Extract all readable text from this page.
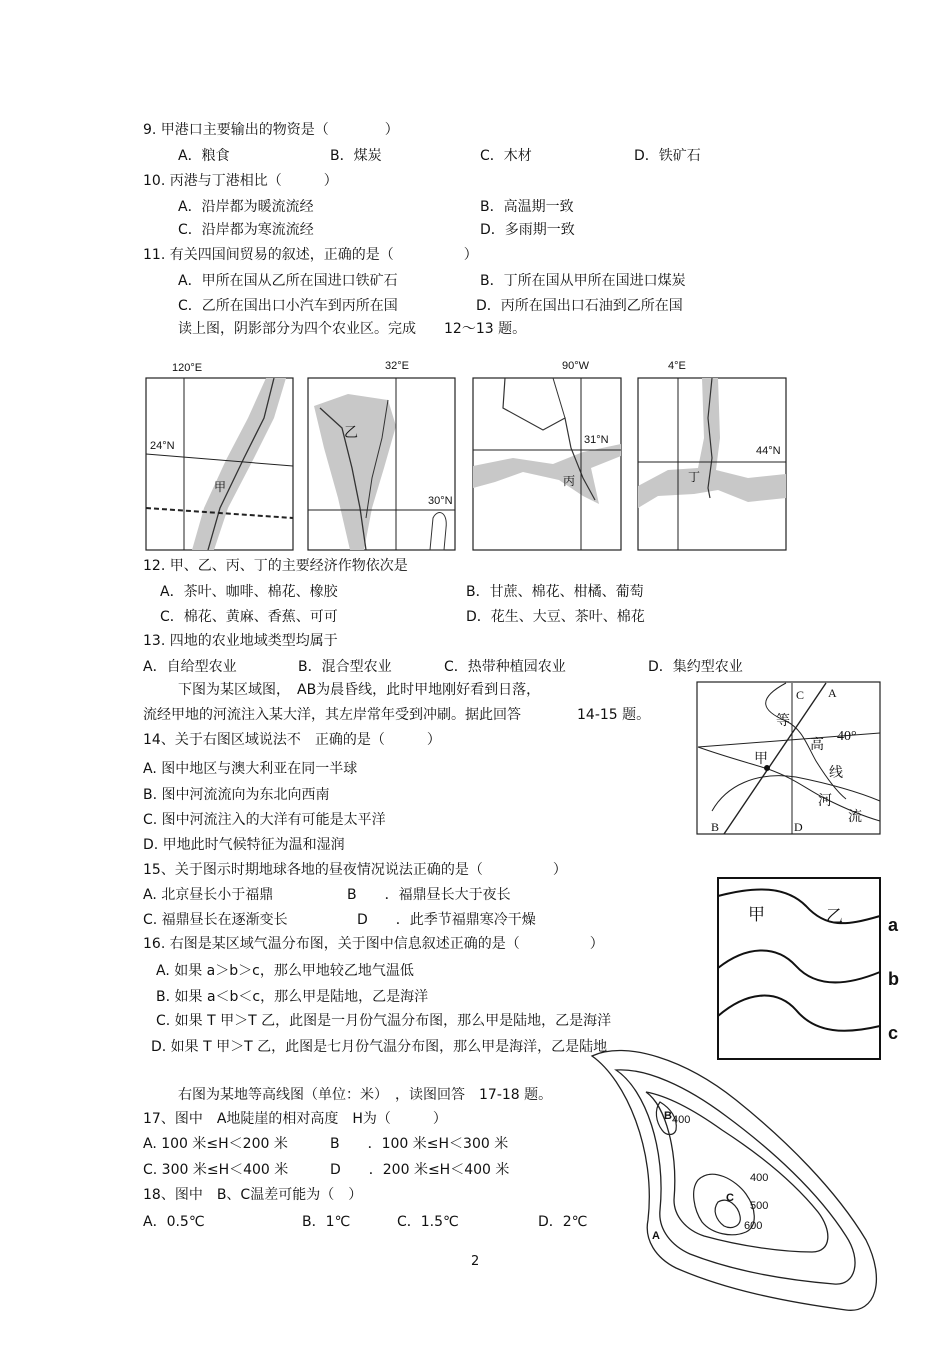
9. 甲港口主要输出的物资是（　　　　）
A．粮食	B．煤炭	C．木材	D．铁矿石
10. 丙港与丁港相比（　　　）
A．沿岸都为暖流流经	B．高温期一致
C．沿岸都为寒流流经	D．多雨期一致
11. 有关四国间贸易的叙述，正确的是（　　　　　）
A．甲所在国从乙所在国进口铁矿石	B．丁所在国从甲所在国进口煤炭
C．乙所在国出口小汽车到丙所在国	D．丙所在国出口石油到乙所在国
读上图，阴影部分为四个农业区。完成　　12～13 题。
120°E	32°E	90°W	4°E
24°N
甲
乙
30°N
31°N
丙
44°N
丁
12. 甲、乙、丙、丁的主要经济作物依次是
A．茶叶、咖啡、棉花、橡胶	B．甘蔗、棉花、柑橘、葡萄
C．棉花、黄麻、香蕉、可可	D．花生、大豆、茶叶、棉花
13. 四地的农业地域类型均属于
A．自给型农业	B．混合型农业	C．热带种植园农业	D．集约型农业
下图为某区域图，　AB为晨昏线，此时甲地刚好看到日落，
流经甲地的河流注入某大洋，其左岸常年受到冲刷。据此回答　　　　14-15 题。
14、关于右图区域说法不　正确的是（　　　）
A. 图中地区与澳大利亚在同一半球
B. 图中河流流向为东北向西南
C. 图中河流注入的大洋有可能是太平洋
D. 甲地此时气候特征为温和湿润
C A
等
40°
高
甲
线
河
流
B	D
15、关于图示时期地球各地的昼夜情况说法正确的是（　　　　　）
A. 北京昼长小于福鼎	B　　．福鼎昼长大于夜长
C. 福鼎昼长在逐渐变长	D　　．此季节福鼎寒冷干燥
16. 右图是某区域气温分布图，关于图中信息叙述正确的是（　　　　　）
A. 如果 a＞b＞c，那么甲地较乙地气温低
B. 如果 a＜b＜c，那么甲是陆地，乙是海洋
C. 如果 T 甲＞T 乙，此图是一月份气温分布图，那么甲是陆地，乙是海洋
D. 如果 T 甲＞T 乙，此图是七月份气温分布图，那么甲是海洋，乙是陆地
甲	乙	a
b
c
右图为某地等高线图（单位：米）　，读图回答　17-18 题。
17、图中　A地陡崖的相对高度　H为（　　　）
A. 100 米≤H＜200 米	B　　．100 米≤H＜300 米
C. 300 米≤H＜400 米	D　　．200 米≤H＜400 米
18、图中　B、C温差可能为（　）
A．0.5℃	B．1℃	C．1.5℃	D．2℃
B 400
400
C
500
600
A
2
